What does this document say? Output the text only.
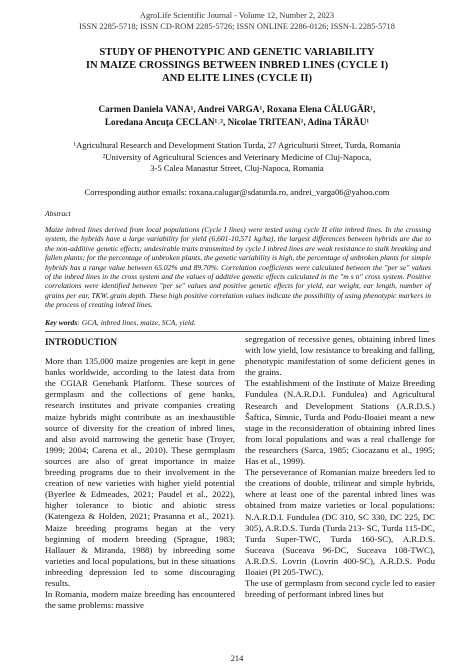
AgroLife Scientific Journal - Volume 12, Number 2, 2023
ISSN 2285-5718; ISSN CD-ROM 2285-5726; ISSN ONLINE 2286-0126; ISSN-L 2285-5718
STUDY OF PHENOTYPIC AND GENETIC VARIABILITY
IN MAIZE CROSSINGS BETWEEN INBRED LINES (CYCLE I)
AND ELITE LINES (CYCLE II)
Carmen Daniela VANA¹, Andrei VARGA¹, Roxana Elena CĂLUGĂR¹,
Loredana Ancuţa CECLAN¹˒², Nicolae TRITEAN¹, Adina TĂRĂU¹
¹Agricultural Research and Development Station Turda, 27 Agriculturii Street, Turda, Romania
²University of Agricultural Sciences and Veterinary Medicine of Cluj-Napoca,
3-5 Calea Manastur Street, Cluj-Napoca, Romania
Corresponding author emails: roxana.calugar@sdaturda.ro, andrei_varga06@yahoo.com
Abstract
Maize inbred lines derived from local populations (Cycle I lines) were tested using cycle II elite inbred lines. In the crossing system, the hybrids have a large variability for yield (6,601-10,571 kg/ha), the largest differences between hybrids are due to the non-additive genetic effects; undesirable traits transmitted by cycle I inbred lines are weak resistance to stalk breaking and fallen plants; for the percentage of unbroken plants, the genetic variability is high, the percentage of unbroken plants for simple hybrids has a range value between 65.02% and 89.70%. Correlation coefficients were calculated between the "per se" values of the inbred lines in the cross system and the values of additive genetic effects calculated in the "m s n" cross system. Positive correlations were identified between "per se" values and positive genetic effects for yield, ear weight, ear length, number of grains per ear, TKW, grain depth. These high positive correlation values indicate the possibility of using phenotypic markers in the process of creating inbred lines.
Key words: GCA, inbred lines, maize, SCA, yield.
INTRODUCTION

More than 135,000 maize progenies are kept in gene banks worldwide, according to the latest data from the CGIAR Genebank Platform. These sources of germplasm and the collections of gene banks, research institutes and private companies creating maize hybrids might contribute as an inexhaustible source of diversity for the creation of inbred lines, and also avoid narrowing the genetic base (Troyer, 1999; 2004; Carena et al., 2010). These germplasm sources are also of great importance in maize breeding programs due to their involvement in the creation of new varieties with higher yield potential (Byerlee & Edmeades, 2021; Paudel et al., 2022), higher tolerance to biotic and abiotic stress (Katengeza & Holden, 2021; Prasanna et al., 2021). Maize breeding programs began at the very beginning of modern breeding (Sprague, 1983; Hallauer & Miranda, 1988) by inbreeding some varieties and local populations, but in these situations inbreeding depression led to some discouraging results.

In Romania, modern maize breeding has encountered the same problems: massive

segregation of recessive genes, obtaining inbred lines with low yield, low resistance to breaking and falling, phenotypic manifestation of some deficient genes in the grains.

The establishment of the Institute of Maize Breeding Fundulea (N.A.R.D.I. Fundulea) and Agricultural Research and Development Stations (A.R.D.S.) Šaftica, Simnic, Turda and Podu-Iloaiei meant a new stage in the reconsideration of obtaining inbred lines from local populations and was a real challenge for the researchers (Sarca, 1985; Ciocazanu et al., 1995; Has et al., 1999).

The perseverance of Romanian maize breeders led to the creations of double, trilinear and simple hybrids, where at least one of the parental inbred lines was obtained from maize varieties or local populations: N.A.R.D.I. Fundulea (DC 310, SC 330, DC 225, DC 305), A.R.D.S. Turda (Turda 213- SC, Turda 115-DC, Turda Super-TWC, Turda 160-SC), A.R.D.S. Suceava (Suceava 96-DC, Suceava 108-TWC), A.R.D.S. Lovrin (Lovrin 400-SC), A.R.D.S. Podu Iloaiei (PI 205-TWC).

The use of germplasm from second cycle led to easier breeding of performant inbred lines but

214
